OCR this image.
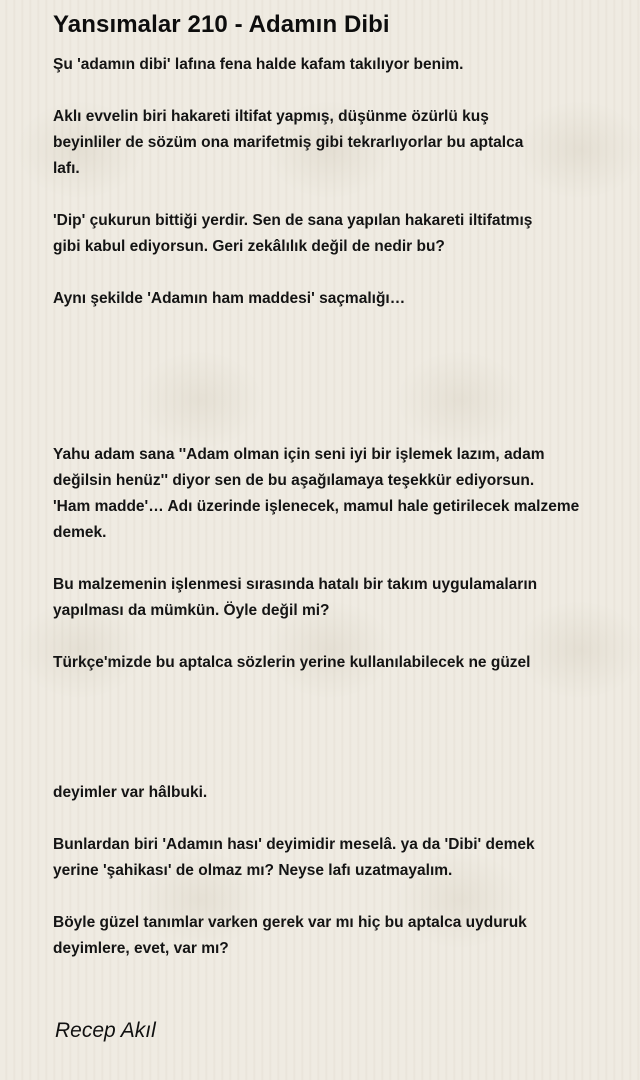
Yansımalar 210 - Adamın Dibi
Şu 'adamın dibi' lafına fena halde kafam takılıyor benim.
Aklı evvelin biri hakareti iltifat yapmış, düşünme özürlü kuş
beyinliler de sözüm ona marifetmiş gibi tekrarlıyorlar bu aptalca
lafı.
'Dip' çukurun bittiği yerdir. Sen de sana yapılan hakareti iltifatmış
gibi kabul ediyorsun. Geri zekâlılık değil de nedir bu?
Aynı şekilde 'Adamın ham maddesi' saçmalığı…
Yahu adam sana ''Adam olman için seni iyi bir işlemek lazım, adam
değilsin henüz'' diyor sen de bu aşağılamaya teşekkür ediyorsun.
'Ham madde'… Adı üzerinde işlenecek, mamul hale getirilecek malzeme
demek.
Bu malzemenin işlenmesi sırasında hatalı bir takım uygulamaların
yapılması da mümkün. Öyle değil mi?
Türkçe'mizde bu aptalca sözlerin yerine kullanılabilecek ne güzel
deyimler var hâlbuki.
Bunlardan biri 'Adamın hası' deyimidir meselâ. ya da 'Dibi' demek
yerine 'şahikası' de olmaz mı? Neyse lafı uzatmayalım.
Böyle güzel tanımlar varken gerek var mı hiç bu aptalca uyduruk
deyimlere, evet, var mı?
Recep Akıl
